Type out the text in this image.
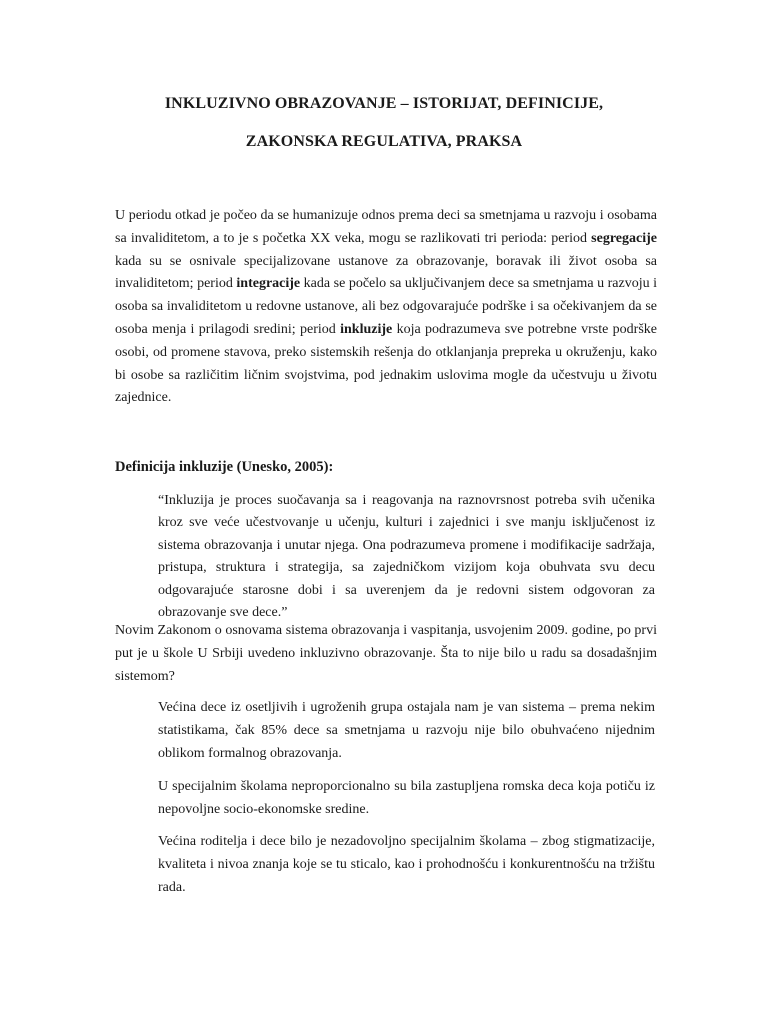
INKLUZIVNO OBRAZOVANJE – ISTORIJAT, DEFINICIJE,
ZAKONSKA REGULATIVA, PRAKSA

U periodu otkad je počeo da se humanizuje odnos prema deci sa smetnjama u razvoju i osobama sa invaliditetom, a to je s početka XX veka, mogu se razlikovati tri perioda: period segregacije kada su se osnivale specijalizovane ustanove za obrazovanje, boravak ili život osoba sa invaliditetom; period integracije kada se počelo sa uključivanjem dece sa smetnjama u razvoju i osoba sa invaliditetom u redovne ustanove, ali bez odgovarajuće podrške i sa očekivanjem da se osoba menja i prilagodi sredini; period inkluzije koja podrazumeva sve potrebne vrste podrške osobi, od promene stavova, preko sistemskih rešenja do otklanjanja prepreka u okruženju, kako bi osobe sa različitim ličnim svojstvima, pod jednakim uslovima mogle da učestvuju u životu zajednice.

Definicija inkluzije (Unesko, 2005):

“Inkluzija je proces suočavanja sa i reagovanja na raznovrsnost potreba svih učenika kroz sve veće učestvovanje u učenju, kulturi i zajednici i sve manju isključenost iz sistema obrazovanja i unutar njega. Ona podrazumeva promene i modifikacije sadržaja, pristupa, struktura i strategija, sa zajedničkom vizijom koja obuhvata svu decu odgovarajuće starosne dobi i sa uverenjem da je redovni sistem odgovoran za obrazovanje sve dece.”

Novim Zakonom o osnovama sistema obrazovanja i vaspitanja, usvojenim 2009. godine, po prvi put je u škole U Srbiji uvedeno inkluzivno obrazovanje. Šta to nije bilo u radu sa dosadašnjim sistemom?

Većina dece iz osetljivih i ugroženih grupa ostajala nam je van sistema – prema nekim statistikama, čak 85% dece sa smetnjama u razvoju nije bilo obuhvaćeno nijednim oblikom formalnog obrazovanja.

U specijalnim školama neproporcionalno su bila zastupljena romska deca koja potiču iz nepovoljne socio-ekonomske sredine.

Većina roditelja i dece bilo je nezadovoljno specijalnim školama – zbog stigmatizacije, kvaliteta i nivoa znanja koje se tu sticalo, kao i prohodnošću i konkurentnošću na tržištu rada.
